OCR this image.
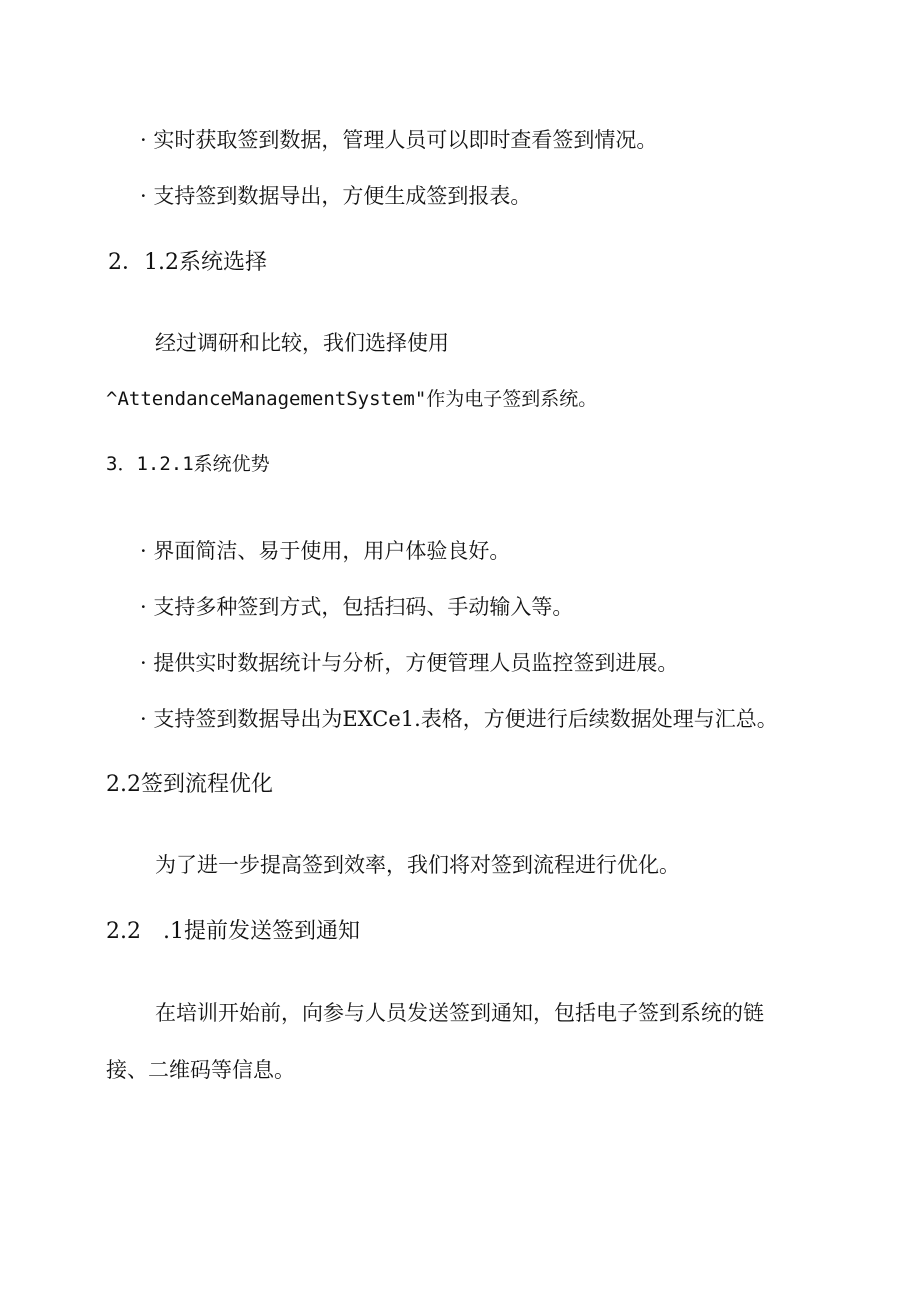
· 实时获取签到数据，管理人员可以即时查看签到情况。
· 支持签到数据导出，方便生成签到报表。
2．1.2系统选择
经过调研和比较，我们选择使用
^AttendanceManagementSystem"作为电子签到系统。
3．1.2.1系统优势
· 界面简洁、易于使用，用户体验良好。
· 支持多种签到方式，包括扫码、手动输入等。
· 提供实时数据统计与分析，方便管理人员监控签到进展。
· 支持签到数据导出为EXCe1.表格，方便进行后续数据处理与汇总。
2.2签到流程优化
为了进一步提高签到效率，我们将对签到流程进行优化。
2.2　.1提前发送签到通知
在培训开始前，向参与人员发送签到通知，包括电子签到系统的链
接、二维码等信息。
